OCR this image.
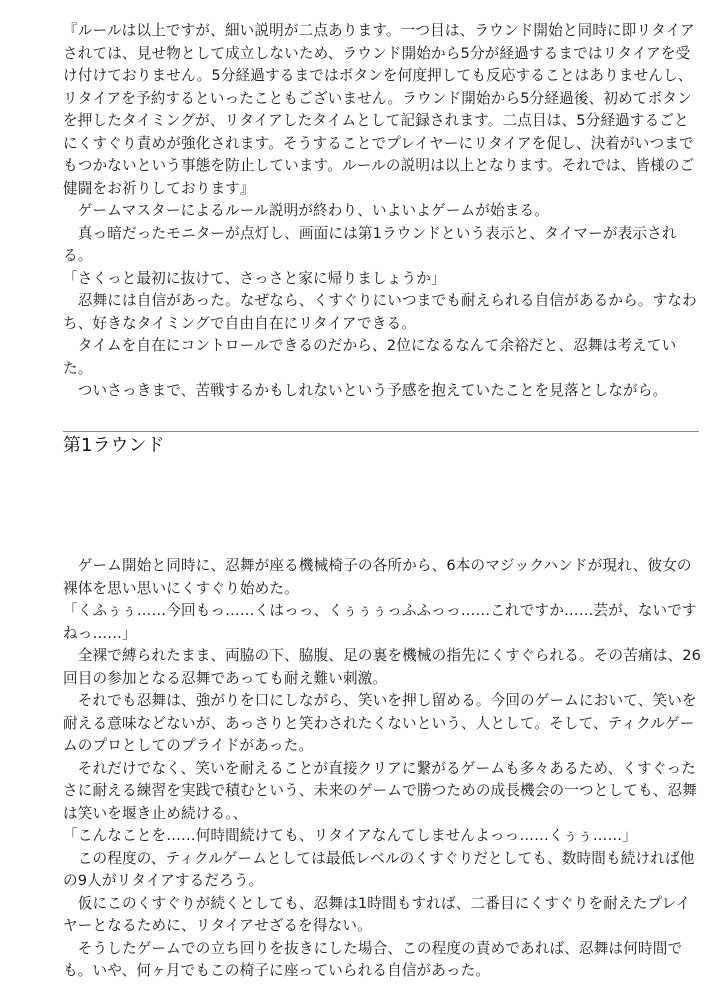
『ルールは以上ですが、細い説明が二点あります。一つ目は、ラウンド開始と同時に即リタイアされては、見せ物として成立しないため、ラウンド開始から5分が経過するまではリタイアを受け付けておりません。5分経過するまではボタンを何度押しても反応することはありませんし、リタイアを予約するといったこともございません。ラウンド開始から5分経過後、初めてボタンを押したタイミングが、リタイアしたタイムとして記録されます。二点目は、5分経過するごとにくすぐり責めが強化されます。そうすることでプレイヤーにリタイアを促し、決着がいつまでもつかないという事態を防止しています。ルールの説明は以上となります。それでは、皆様のご健闘をお祈りしております』

　ゲームマスターによるルール説明が終わり、いよいよゲームが始まる。

　真っ暗だったモニターが点灯し、画面には第1ラウンドという表示と、タイマーが表示される。

「さくっと最初に抜けて、さっさと家に帰りましょうか」

　忍舞には自信があった。なぜなら、くすぐりにいつまでも耐えられる自信があるから。すなわち、好きなタイミングで自由自在にリタイアできる。

　タイムを自在にコントロールできるのだから、2位になるなんて余裕だと、忍舞は考えていた。

　ついさっきまで、苦戦するかもしれないという予感を抱えていたことを見落としながら。

第1ラウンド

　ゲーム開始と同時に、忍舞が座る機械椅子の各所から、6本のマジックハンドが現れ、彼女の裸体を思い思いにくすぐり始めた。

「くふぅぅ……今回もっ……くはっっ、くぅぅぅっふふっっ……これですか……芸が、ないですねっ……」

　全裸で縛られたまま、両脇の下、脇腹、足の裏を機械の指先にくすぐられる。その苦痛は、26回目の参加となる忍舞であっても耐え難い刺激。

　それでも忍舞は、強がりを口にしながら、笑いを押し留める。今回のゲームにおいて、笑いを耐える意味などないが、あっさりと笑わされたくないという、人として。そして、ティクルゲームのプロとしてのプライドがあった。

　それだけでなく、笑いを耐えることが直接クリアに繋がるゲームも多々あるため、くすぐったさに耐える練習を実践で積むという、未来のゲームで勝つための成長機会の一つとしても、忍舞は笑いを堰き止め続ける。、

「こんなことを……何時間続けても、リタイアなんてしませんよっっ……くぅぅ……」

　この程度の、ティクルゲームとしては最低レベルのくすぐりだとしても、数時間も続ければ他の9人がリタイアするだろう。

　仮にこのくすぐりが続くとしても、忍舞は1時間もすれば、二番目にくすぐりを耐えたプレイヤーとなるために、リタイアせざるを得ない。

　そうしたゲームでの立ち回りを抜きにした場合、この程度の責めであれば、忍舞は何時間でも。いや、何ヶ月でもこの椅子に座っていられる自信があった。
